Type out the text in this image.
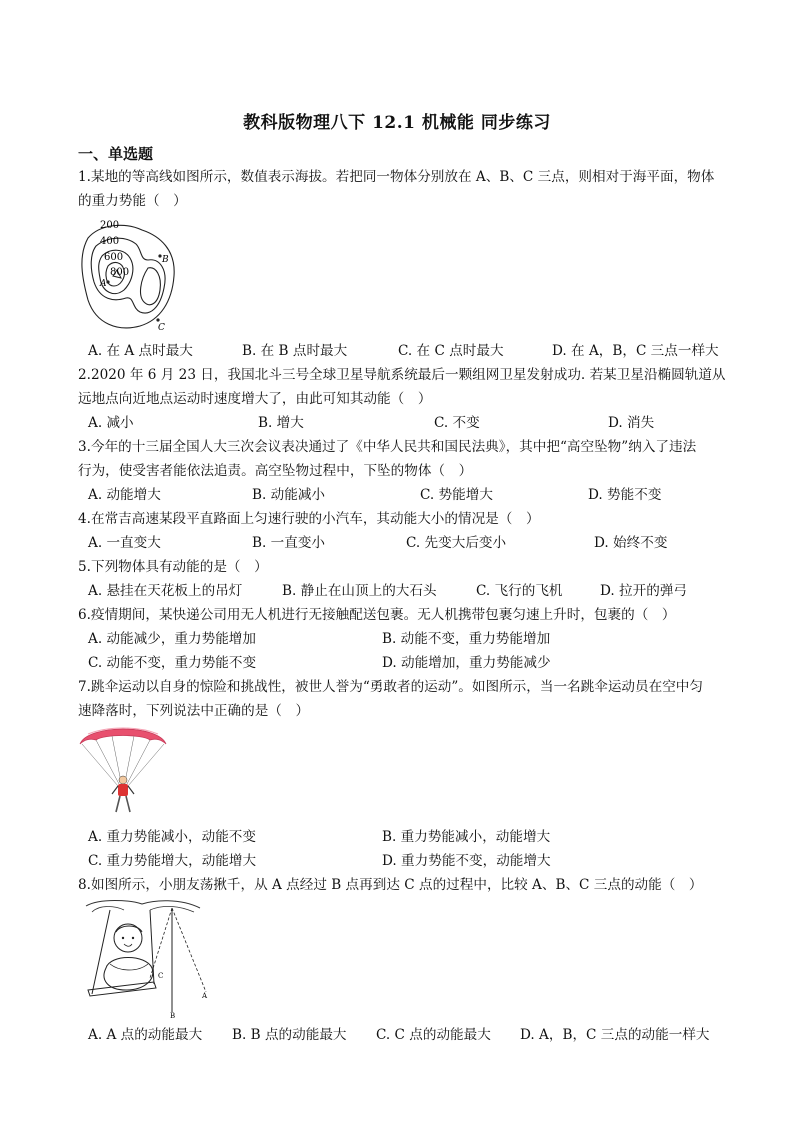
教科版物理八下 12.1 机械能 同步练习
一、单选题
1.某地的等高线如图所示，数值表示海拔。若把同一物体分别放在 A、B、C 三点，则相对于海平面，物体
的重力势能（　）
200
400
600
800
A
B
C
A. 在 A 点时最大	B. 在 B 点时最大	C. 在 C 点时最大	D. 在 A，B，C 三点一样大
2.2020 年 6 月 23 日，我国北斗三号全球卫星导航系统最后一颗组网卫星发射成功. 若某卫星沿椭圆轨道从
远地点向近地点运动时速度增大了，由此可知其动能（　）
A. 减小	B. 增大	C. 不变	D. 消失
3.今年的十三届全国人大三次会议表决通过了《中华人民共和国民法典》，其中把“高空坠物”纳入了违法
行为，使受害者能依法追责。高空坠物过程中，下坠的物体（　）
A. 动能增大	B. 动能减小	C. 势能增大	D. 势能不变
4.在常吉高速某段平直路面上匀速行驶的小汽车，其动能大小的情况是（　）
A. 一直变大	B. 一直变小	C. 先变大后变小	D. 始终不变
5.下列物体具有动能的是（　）
A. 悬挂在天花板上的吊灯	B. 静止在山顶上的大石头	C. 飞行的飞机	D. 拉开的弹弓
6.疫情期间，某快递公司用无人机进行无接触配送包裹。无人机携带包裹匀速上升时，包裹的（　）
A. 动能减少，重力势能增加	B. 动能不变，重力势能增加
C. 动能不变，重力势能不变	D. 动能增加，重力势能减少
7.跳伞运动以自身的惊险和挑战性，被世人誉为“勇敢者的运动”。如图所示，当一名跳伞运动员在空中匀
速降落时，下列说法中正确的是（　）
A. 重力势能减小，动能不变	B. 重力势能减小，动能增大
C. 重力势能增大，动能增大	D. 重力势能不变，动能增大
8.如图所示，小朋友荡揪千，从 A 点经过 B 点再到达 C 点的过程中，比较 A、B、C 三点的动能（　）
C
B
A
A. A 点的动能最大 B. B 点的动能最大 C. C 点的动能最大 D. A，B，C 三点的动能一样大
